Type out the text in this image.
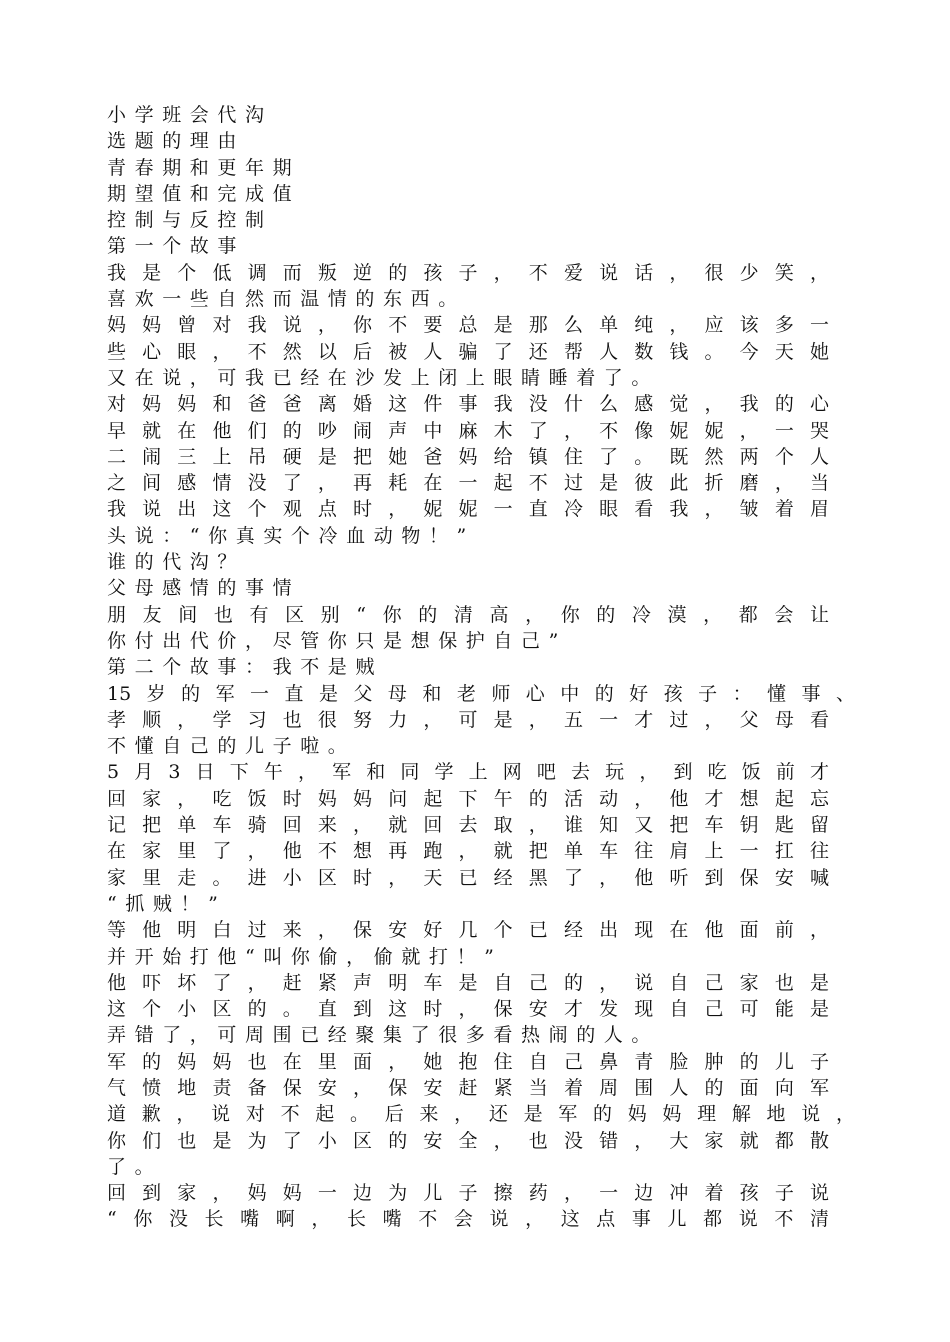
小学班会代沟
选题的理由
青春期和更年期
期望值和完成值
控制与反控制
第一个故事
我是个低调而叛逆的孩子，不爱说话，很少笑，
喜欢一些自然而温情的东西。
妈妈曾对我说，你不要总是那么单纯，应该多一
些心眼，不然以后被人骗了还帮人数钱。今天她
又在说，可我已经在沙发上闭上眼睛睡着了。
对妈妈和爸爸离婚这件事我没什么感觉，我的心
早就在他们的吵闹声中麻木了，不像妮妮，一哭
二闹三上吊硬是把她爸妈给镇住了。既然两个人
之间感情没了，再耗在一起不过是彼此折磨，当
我说出这个观点时，妮妮一直冷眼看我，皱着眉
头说：“你真实个冷血动物！”
谁的代沟？
父母感情的事情
朋友间也有区别“你的清高，你的冷漠，都会让
你付出代价，尽管你只是想保护自己”
第二个故事：我不是贼
15岁的军一直是父母和老师心中的好孩子：懂事、
孝顺，学习也很努力，可是，五一才过，父母看
不懂自己的儿子啦。
5月3日下午，军和同学上网吧去玩，到吃饭前才
回家，吃饭时妈妈问起下午的活动，他才想起忘
记把单车骑回来，就回去取，谁知又把车钥匙留
在家里了，他不想再跑，就把单车往肩上一扛往
家里走。进小区时，天已经黑了，他听到保安喊
“抓贼！”
等他明白过来，保安好几个已经出现在他面前，
并开始打他“叫你偷，偷就打！”
他吓坏了，赶紧声明车是自己的，说自己家也是
这个小区的。直到这时，保安才发现自己可能是
弄错了，可周围已经聚集了很多看热闹的人。
军的妈妈也在里面，她抱住自己鼻青脸肿的儿子
气愤地责备保安，保安赶紧当着周围人的面向军
道歉，说对不起。后来，还是军的妈妈理解地说，
你们也是为了小区的安全，也没错，大家就都散
了。
回到家，妈妈一边为儿子擦药，一边冲着孩子说
“你没长嘴啊，长嘴不会说，这点事儿都说不清
